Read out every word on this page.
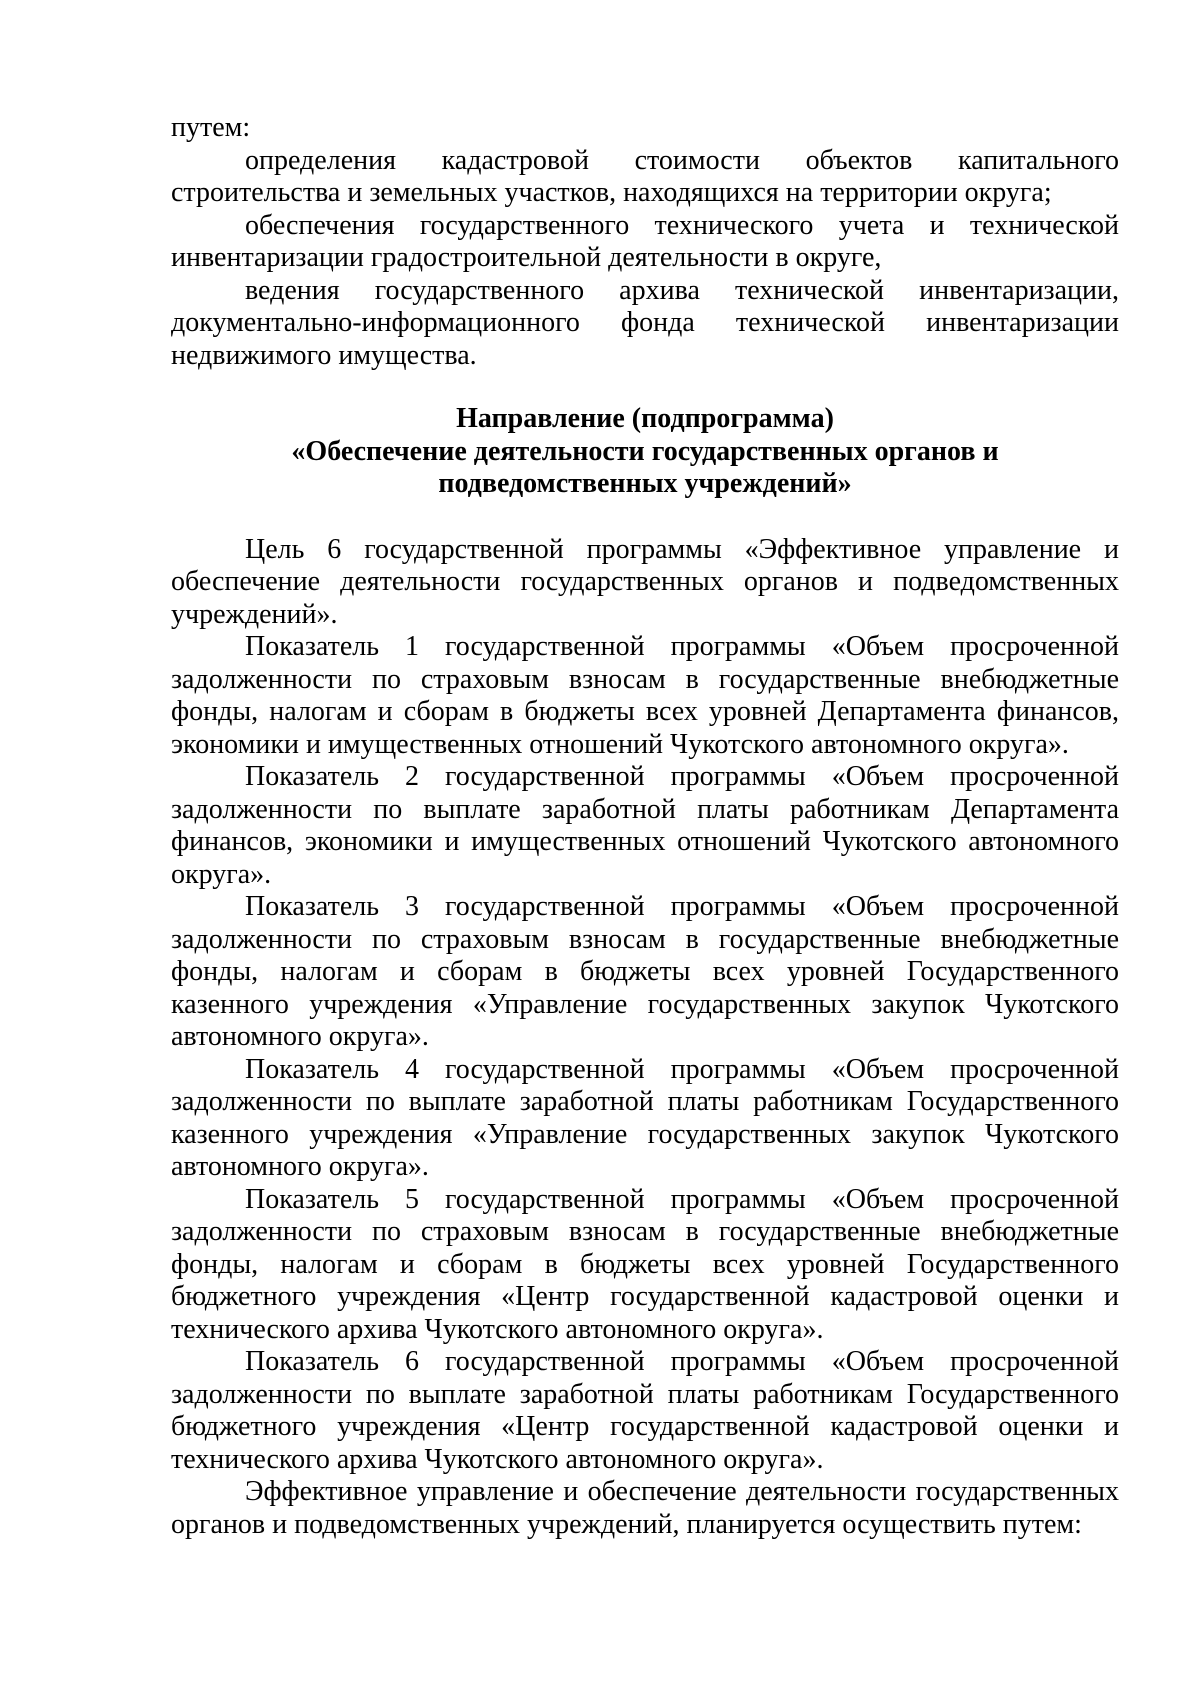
путем:

определения кадастровой стоимости объектов капитального строительства и земельных участков, находящихся на территории округа;

обеспечения государственного технического учета и технической инвентаризации градостроительной деятельности в округе,

ведения государственного архива технической инвентаризации, документально-информационного фонда технической инвентаризации недвижимого имущества.

Направление (подпрограмма)
«Обеспечение деятельности государственных органов и
подведомственных учреждений»

Цель 6 государственной программы «Эффективное управление и обеспечение деятельности государственных органов и подведомственных учреждений».

Показатель 1 государственной программы «Объем просроченной задолженности по страховым взносам в государственные внебюджетные фонды, налогам и сборам в бюджеты всех уровней Департамента финансов, экономики и имущественных отношений Чукотского автономного округа».

Показатель 2 государственной программы «Объем просроченной задолженности по выплате заработной платы работникам Департамента финансов, экономики и имущественных отношений Чукотского автономного округа».

Показатель 3 государственной программы «Объем просроченной задолженности по страховым взносам в государственные внебюджетные фонды, налогам и сборам в бюджеты всех уровней Государственного казенного учреждения «Управление государственных закупок Чукотского автономного округа».

Показатель 4 государственной программы «Объем просроченной задолженности по выплате заработной платы работникам Государственного казенного учреждения «Управление государственных закупок Чукотского автономного округа».

Показатель 5 государственной программы «Объем просроченной задолженности по страховым взносам в государственные внебюджетные фонды, налогам и сборам в бюджеты всех уровней Государственного бюджетного учреждения «Центр государственной кадастровой оценки и технического архива Чукотского автономного округа».

Показатель 6 государственной программы «Объем просроченной задолженности по выплате заработной платы работникам Государственного бюджетного учреждения «Центр государственной кадастровой оценки и технического архива Чукотского автономного округа».

Эффективное управление и обеспечение деятельности государственных органов и подведомственных учреждений, планируется осуществить путем:
